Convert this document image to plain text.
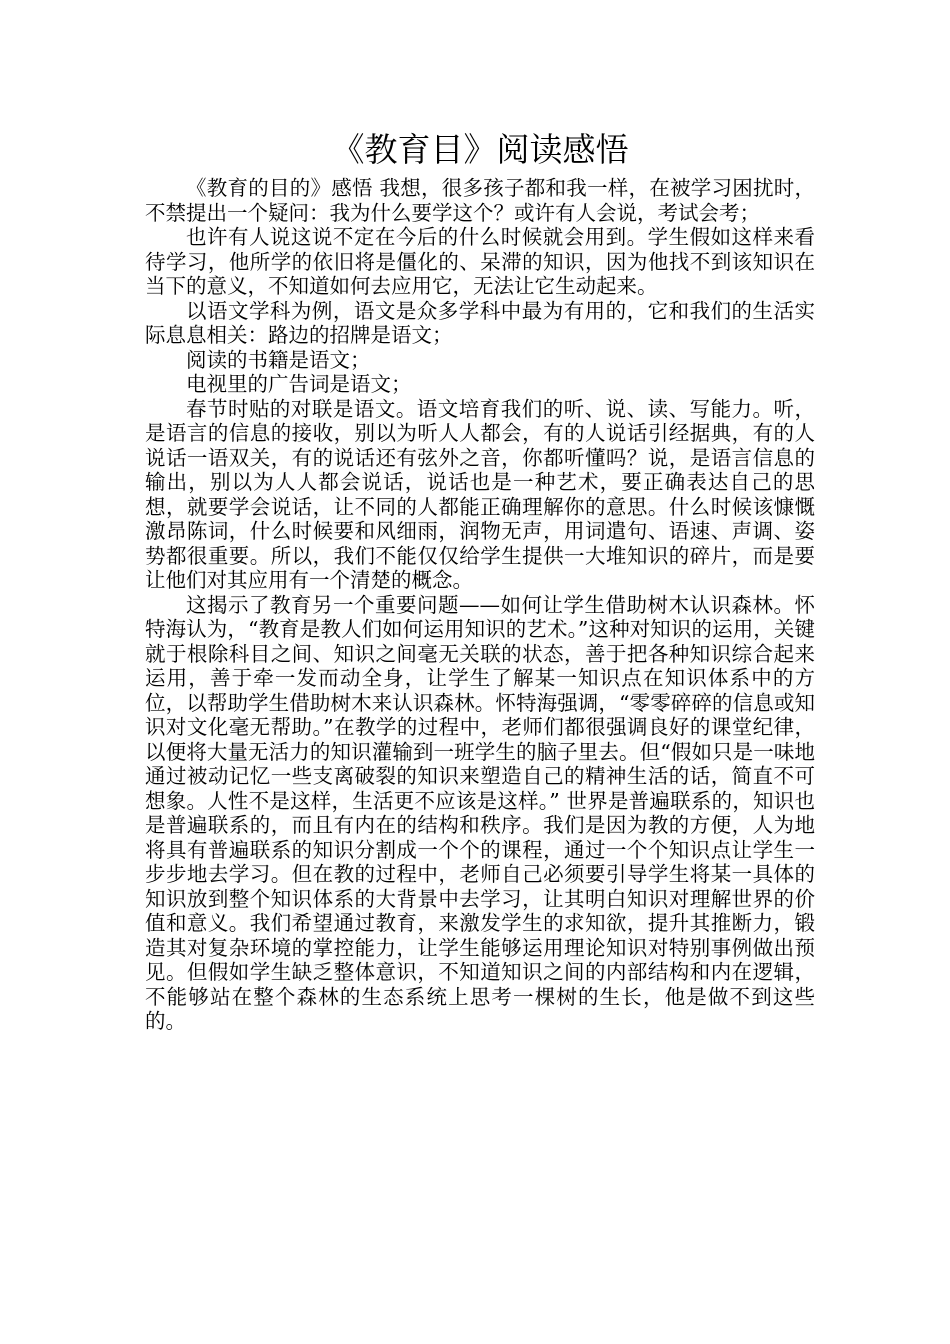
《教育目》阅读感悟

《教育的目的》感悟 我想，很多孩子都和我一样，在被学习困扰时，不禁提出一个疑问：我为什么要学这个？或许有人会说，考试会考；

也许有人说这说不定在今后的什么时候就会用到。学生假如这样来看待学习，他所学的依旧将是僵化的、呆滞的知识，因为他找不到该知识在当下的意义，不知道如何去应用它，无法让它生动起来。

以语文学科为例，语文是众多学科中最为有用的，它和我们的生活实际息息相关：路边的招牌是语文；

阅读的书籍是语文；

电视里的广告词是语文；

春节时贴的对联是语文。语文培育我们的听、说、读、写能力。听，是语言的信息的接收，别以为听人人都会，有的人说话引经据典，有的人说话一语双关，有的说话还有弦外之音，你都听懂吗？说，是语言信息的输出，别以为人人都会说话，说话也是一种艺术，要正确表达自己的思想，就要学会说话，让不同的人都能正确理解你的意思。什么时候该慷慨激昂陈词，什么时候要和风细雨，润物无声，用词遣句、语速、声调、姿势都很重要。所以，我们不能仅仅给学生提供一大堆知识的碎片，而是要让他们对其应用有一个清楚的概念。

这揭示了教育另一个重要问题——如何让学生借助树木认识森林。怀特海认为，“教育是教人们如何运用知识的艺术。”这种对知识的运用，关键就于根除科目之间、知识之间毫无关联的状态，善于把各种知识综合起来运用，善于牵一发而动全身，让学生了解某一知识点在知识体系中的方位，以帮助学生借助树木来认识森林。怀特海强调，“零零碎碎的信息或知识对文化毫无帮助。”在教学的过程中，老师们都很强调良好的课堂纪律，以便将大量无活力的知识灌输到一班学生的脑子里去。但“假如只是一味地通过被动记忆一些支离破裂的知识来塑造自己的精神生活的话，简直不可想象。人性不是这样，生活更不应该是这样。” 世界是普遍联系的，知识也是普遍联系的，而且有内在的结构和秩序。我们是因为教的方便，人为地将具有普遍联系的知识分割成一个个的课程，通过一个个知识点让学生一步步地去学习。但在教的过程中，老师自己必须要引导学生将某一具体的知识放到整个知识体系的大背景中去学习，让其明白知识对理解世界的价值和意义。我们希望通过教育，来激发学生的求知欲，提升其推断力，锻造其对复杂环境的掌控能力，让学生能够运用理论知识对特别事例做出预见。但假如学生缺乏整体意识，不知道知识之间的内部结构和内在逻辑，不能够站在整个森林的生态系统上思考一棵树的生长，他是做不到这些的。
